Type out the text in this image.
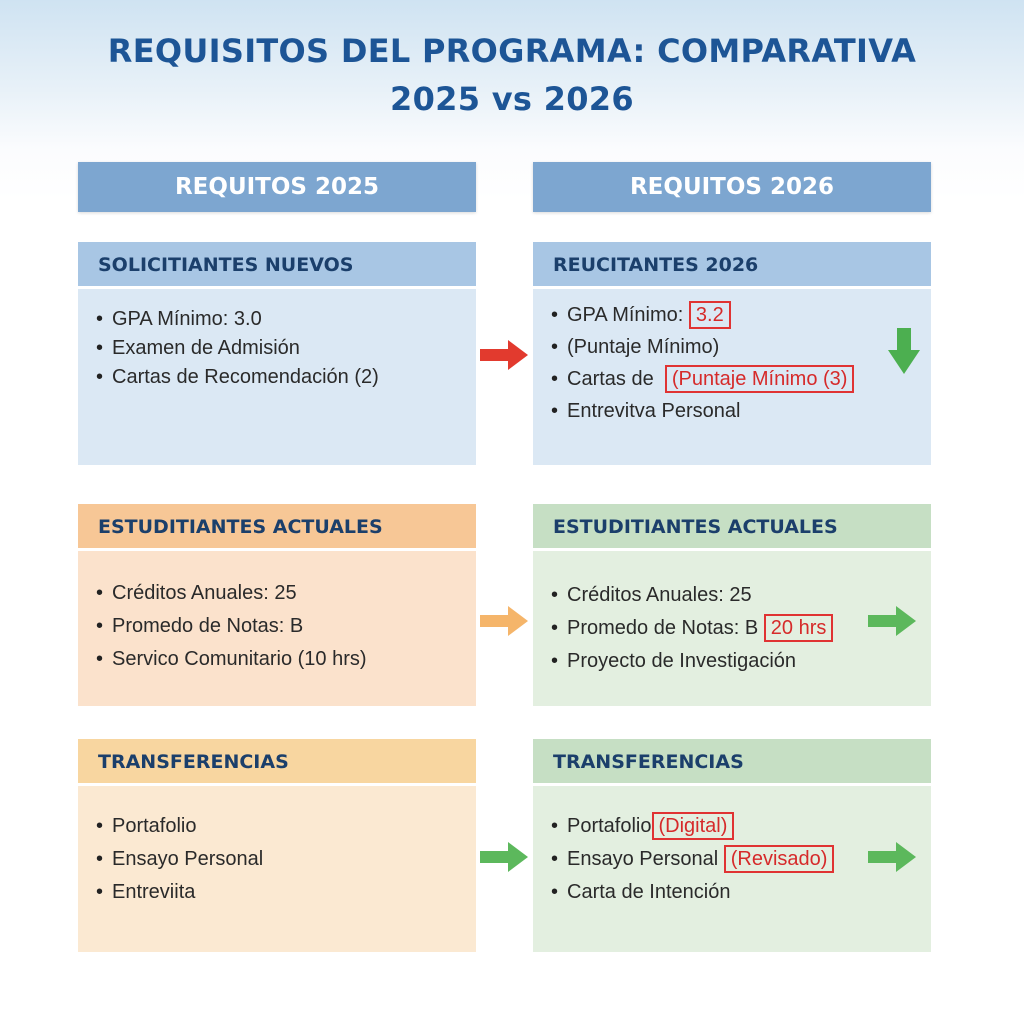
REQUISITOS DEL PROGRAMA: COMPARATIVA
2025 vs 2026
REQUITOS 2025	REQUITOS 2026
SOLICITIANTES NUEVOS
• GPA Mínimo: 3.0
• Examen de Admisión
• Cartas de Recomendación (2)
REUCITANTES 2026
• GPA Mínimo: 3.2
• (Puntaje Mínimo)
• Cartas de (Puntaje Mínimo (3)
• Entrevitva Personal
ESTUDITIANTES ACTUALES
• Créditos Anuales: 25
• Promedo de Notas: B
• Servico Comunitario (10 hrs)
ESTUDITIANTES ACTUALES
• Créditos Anuales: 25
• Promedo de Notas: B 20 hrs
• Proyecto de Investigación
TRANSFERENCIAS
• Portafolio
• Ensayo Personal
• Entreviita
TRANSFERENCIAS
• Portafolio (Digital)
• Ensayo Personal (Revisado)
• Carta de Intención
